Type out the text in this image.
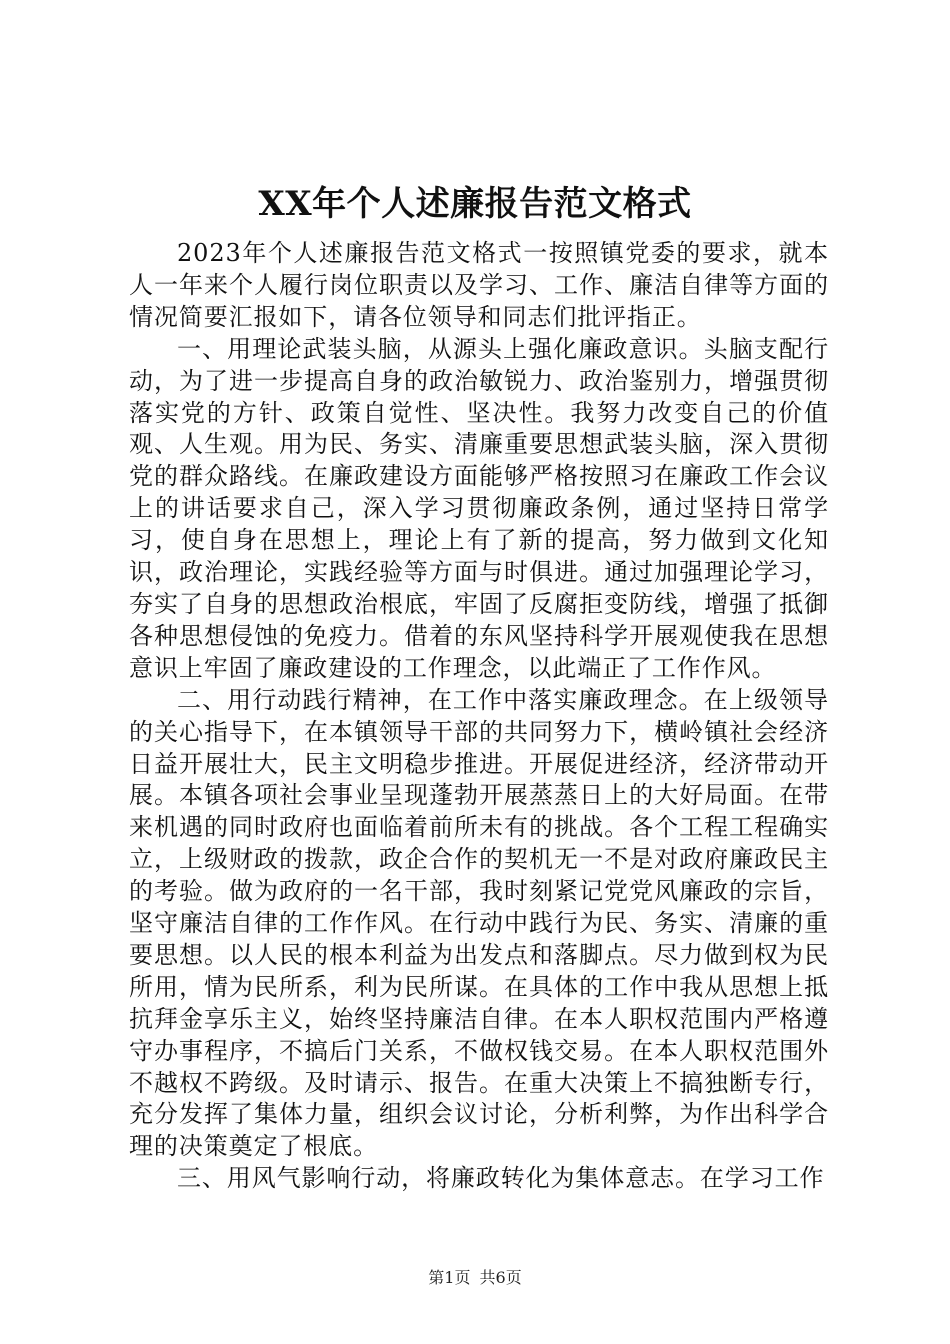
XX年个人述廉报告范文格式

2023年个人述廉报告范文格式一按照镇党委的要求，就本人一年来个人履行岗位职责以及学习、工作、廉洁自律等方面的情况简要汇报如下，请各位领导和同志们批评指正。

一、用理论武装头脑，从源头上强化廉政意识。头脑支配行动，为了进一步提高自身的政治敏锐力、政治鉴别力，增强贯彻落实党的方针、政策自觉性、坚决性。我努力改变自己的价值观、人生观。用为民、务实、清廉重要思想武装头脑，深入贯彻党的群众路线。在廉政建设方面能够严格按照习在廉政工作会议上的讲话要求自己，深入学习贯彻廉政条例，通过坚持日常学习，使自身在思想上，理论上有了新的提高，努力做到文化知识，政治理论，实践经验等方面与时俱进。通过加强理论学习，夯实了自身的思想政治根底，牢固了反腐拒变防线，增强了抵御各种思想侵蚀的免疫力。借着的东风坚持科学开展观使我在思想意识上牢固了廉政建设的工作理念，以此端正了工作作风。

二、用行动践行精神，在工作中落实廉政理念。在上级领导的关心指导下，在本镇领导干部的共同努力下，横岭镇社会经济日益开展壮大，民主文明稳步推进。开展促进经济，经济带动开展。本镇各项社会事业呈现蓬勃开展蒸蒸日上的大好局面。在带来机遇的同时政府也面临着前所未有的挑战。各个工程工程确实立，上级财政的拨款，政企合作的契机无一不是对政府廉政民主的考验。做为政府的一名干部，我时刻紧记党党风廉政的宗旨，坚守廉洁自律的工作作风。在行动中践行为民、务实、清廉的重要思想。以人民的根本利益为出发点和落脚点。尽力做到权为民所用，情为民所系，利为民所谋。在具体的工作中我从思想上抵抗拜金享乐主义，始终坚持廉洁自律。在本人职权范围内严格遵守办事程序，不搞后门关系，不做权钱交易。在本人职权范围外不越权不跨级。及时请示、报告。在重大决策上不搞独断专行，充分发挥了集体力量，组织会议讨论，分析利弊，为作出科学合理的决策奠定了根底。

三、用风气影响行动，将廉政转化为集体意志。在学习工作

第1页 共6页
